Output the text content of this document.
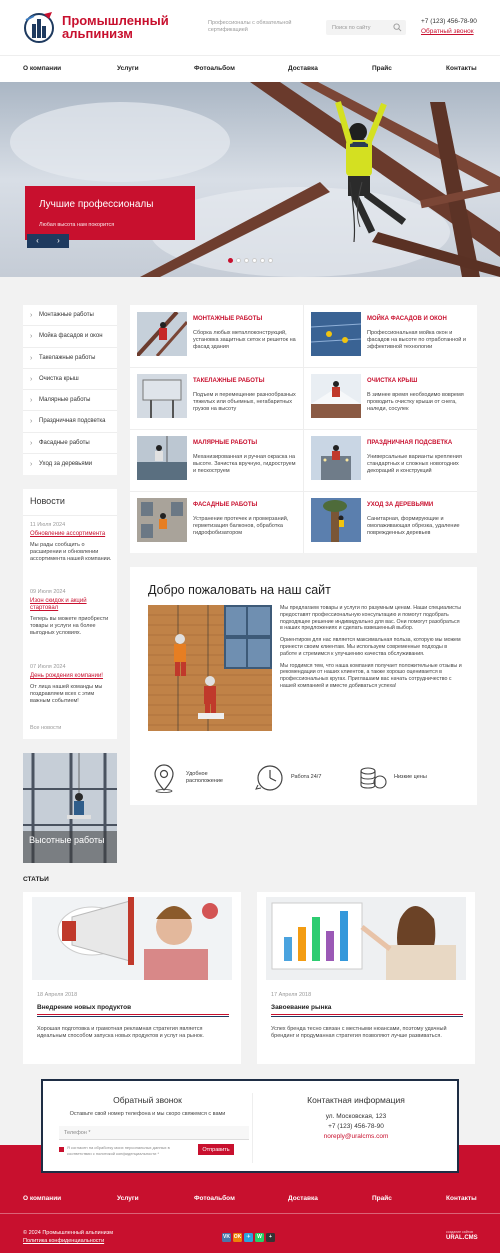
Промышленный
альпинизм
Профессионалы с обязательной сертификацией
Поиск по сайту
+7 (123) 456-78-90
Обратный звонок
О компании	Услуги	Фотоальбом	Доставка	Прайс	Контакты
Лучшие профессионалы
Любая высота нам покорится
‹	›
› Монтажные работы
› Мойка фасадов и окон
› Такелажные работы
› Очистка крыш
› Малярные работы
› Праздничная подсветка
› Фасадные работы
› Уход за деревьями
Новости
11 Июля 2024
Обновление ассортимента
Мы рады сообщить о расширении и обновлении ассортимента нашей компании.
09 Июля 2024
Изон скидок и акций стартовал
Теперь вы можете приобрести товары и услуги на более выгодных условиях.
07 Июля 2024
День рождения компании!
От лица нашей команды мы поздравляем всех с этим важным событием!
Все новости
Высотные работы
МОНТАЖНЫЕ РАБОТЫ
Сборка любых металлоконструкций, установка защитных сеток и решеток на фасад здания
МОЙКА ФАСАДОВ И ОКОН
Профессиональная мойка окон и фасадов на высоте по отработанной и эффективной технологии
ТАКЕЛАЖНЫЕ РАБОТЫ
Подъем и перемещение разнообразных тяжелых или объемных, негабаритных грузов на высоту
ОЧИСТКА КРЫШ
В зимнее время необходимо вовремя проводить очистку крыши от снега, наледи, сосулек
МАЛЯРНЫЕ РАБОТЫ
Механизированная и ручная окраска на высоте. Зачистка вручную, гидроструем и пескоструем
ПРАЗДНИЧНАЯ ПОДСВЕТКА
Универсальные варианты крепления стандартных и сложных новогодних декораций и конструкций
ФАСАДНЫЕ РАБОТЫ
Устранение протечек и промерзаний, герметизация балконов, обработка гидрофобизатором
УХОД ЗА ДЕРЕВЬЯМИ
Санитарная, формирующие и омолаживающая обрезка, удаление поврежденных деревьев
Добро пожаловать на наш сайт

Мы предлагаем товары и услуги по разумным ценам. Наши специалисты предоставят профессиональную консультацию и помогут подобрать подходящее решение индивидуально для вас. Они помогут разобраться в наших предложениях и сделать взвешенный выбор.

Ориентиром для нас является максимальная польза, которую мы можем принести своим клиентам. Мы используем современные подходы в работе и стремимся к улучшению качества обслуживания.

Мы гордимся тем, что наша компания получает положительные отзывы и рекомендации от наших клиентов, а также хорошо оценивается в профессиональных кругах. Приглашаем вас начать сотрудничество с нашей компанией и вместе добиваться успеха!

Удобное расположение
Работа 24/7	Низкие цены
СТАТЬИ
18 Апреля 2018
Внедрение новых продуктов
Хорошая подготовка и грамотная рекламная стратегия является идеальным способом запуска новых продуктов и услуг на рынок.
17 Апреля 2018
Завоевание рынка
Успех бренда тесно связан с местными нюансами, поэтому удачный брендинг и продуманная стратегия позволяют лучше развиваться.
Обратный звонок
Оставьте свой номер телефона и мы скоро свяжемся с вами
Телефон *
Я согласен на обработку моих персональных данных в соответствии с политикой конфиденциальности *
Отправить
Контактная информация
ул. Московская, 123
+7 (123) 456-78-90
noreply@uralcms.com
О компании	Услуги	Фотоальбом	Доставка	Прайс	Контакты
© 2024 Промышленный альпинизм
Политика конфиденциальности
VK OK	✈	W	+
создание сайтов
URAL.CMS
